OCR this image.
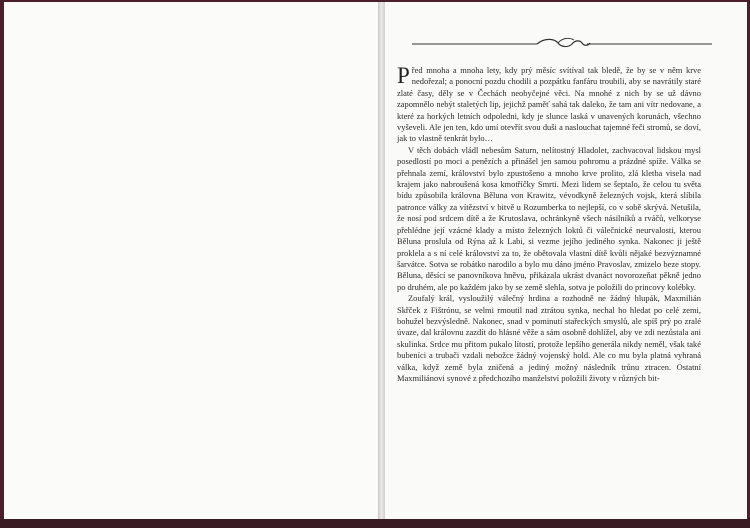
Před mnoha a mnoha lety, kdy prý měsíc svítíval tak bledě, že by se v něm krve nedořezal; a ponocní pozdu chodili a pozpátku fanfáru troubili, aby se navrátily staré zlaté časy, děly se v Čechách neobyčejné věci. Na mnohé z nich by se už dávno zapomnělo nebýt staletých lip, jejichž paměť sahá tak daleko, že tam ani vítr nedovane, a které za horkých letních odpoledni, kdy je slunce laská v unavených korunách, všechno vyševeli. Ale jen ten, kdo umí otevřít svou duši a naslouchat tajemné řeči stromů, se doví, jak to vlastně tenkrát bylo…

V těch dobách vládl nebesům Saturn, nelítostný Hladolet, zachvacoval lidskou mysl posedlostí po moci a penězích a přinášel jen samou pohromu a prázdné spíže. Válka se přehnala zemí, království bylo zpustošeno a mnoho krve prolito, zlá kletba visela nad krajem jako nabroušená kosa kmotříčky Smrti. Mezi lidem se šeptalo, že celou tu světa bídu způsobila královna Běluna von Krawitz, vévodkyně železných vojsk, která slíbila patronce války za vítězství v bitvě u Rozumberka to nejlepší, co v sobě skrývá. Netušila, že nosí pod srdcem dítě a že Krutoslava, ochránkyně všech násilníků a rváčů, velkoryse přehlédne její vzácné klady a místo železných loktů či válečnické neurvalosti, kterou Běluna proslula od Rýna až k Labi, si vezme jejího jediného synka. Nakonec ji ještě proklela a s ní celé království za to, že obětovala vlastní dítě kvůli nějaké bezvýznamné šarvátce. Sotva se robátko narodilo a bylo mu dáno jméno Pravoslav, zmizelo beze stopy. Běluna, děsící se panovníkova hněvu, přikázala ukrást dvanáct novorozeňat pěkně jedno po druhém, ale po každém jako by se země slehla, sotva je položili do princovy kolébky.

Zoufalý král, vysloužilý válečný hrdina a rozhodně ne žádný hlupák, Maxmilián Skřček z Fištrónu, se velmi rmoutil nad ztrátou synka, nechal ho hledat po celé zemi, bohužel bezvýsledně. Nakonec, snad v pominutí stařeckých smyslů, ale spíš prý po zralé úvaze, dal královnu zazdít do hlásné věže a sám osobně dohlížel, aby ve zdi nezůstala ani skulinka. Srdce mu přitom pukalo lítostí, protože lepšího generála nikdy neměl, však také bubeníci a trubači vzdali nebožce žádný vojenský hold. Ale co mu byla platná vyhraná válka, když země byla zničená a jediný možný následník trůnu ztracen. Ostatní Maxmiliánovi synové z předchozího manželství položili životy v různých bit-
